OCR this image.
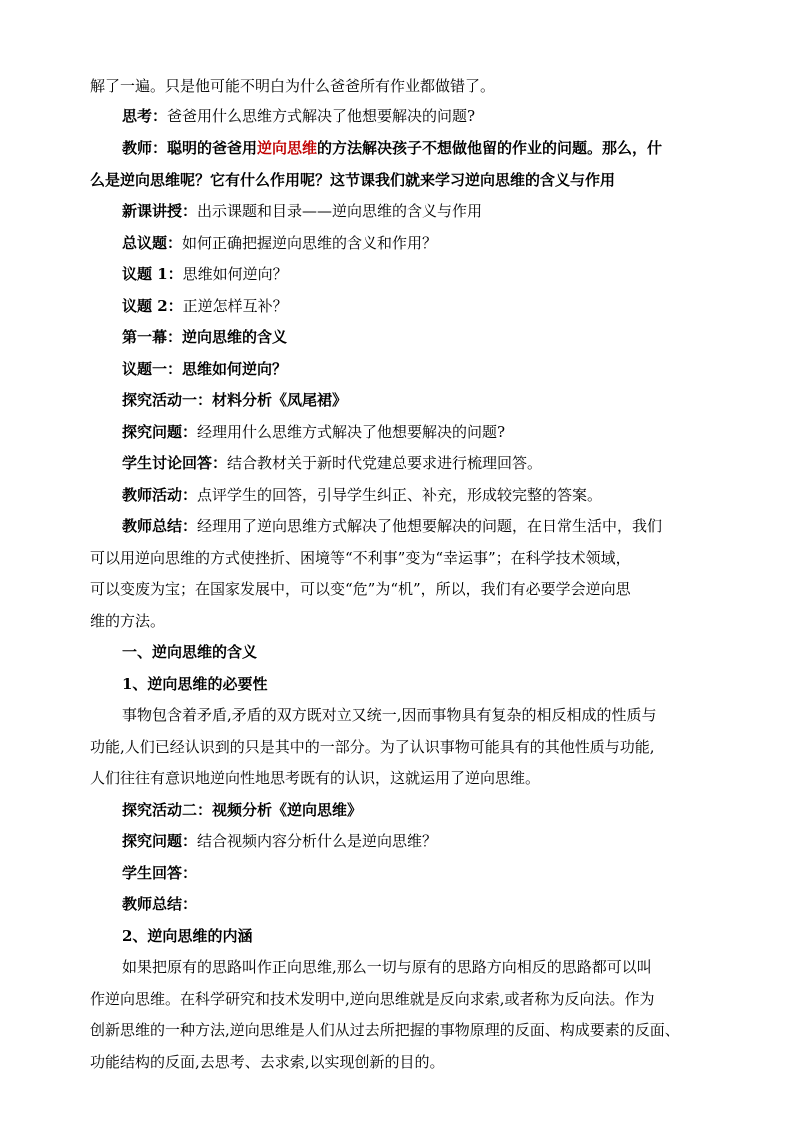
解了一遍。只是他可能不明白为什么爸爸所有作业都做错了。
思考：爸爸用什么思维方式解决了他想要解决的问题?
教师：聪明的爸爸用逆向思维的方法解决孩子不想做他留的作业的问题。那么，什
么是逆向思维呢？它有什么作用呢？这节课我们就来学习逆向思维的含义与作用
新课讲授：出示课题和目录——逆向思维的含义与作用
总议题：如何正确把握逆向思维的含义和作用？
议题 1：思维如何逆向？
议题 2：正逆怎样互补？
第一幕：逆向思维的含义
议题一：思维如何逆向？
探究活动一：材料分析《凤尾裙》
探究问题：经理用什么思维方式解决了他想要解决的问题?
学生讨论回答：结合教材关于新时代党建总要求进行梳理回答。
教师活动：点评学生的回答，引导学生纠正、补充，形成较完整的答案。
教师总结：经理用了逆向思维方式解决了他想要解决的问题，在日常生活中，我们
可以用逆向思维的方式使挫折、困境等“不利事”变为“幸运事”；在科学技术领域，
可以变废为宝；在国家发展中，可以变“危”为“机”，所以，我们有必要学会逆向思
维的方法。
一、逆向思维的含义
1、逆向思维的必要性
事物包含着矛盾,矛盾的双方既对立又统一,因而事物具有复杂的相反相成的性质与
功能,人们已经认识到的只是其中的一部分。为了认识事物可能具有的其他性质与功能,
人们往往有意识地逆向性地思考既有的认识，这就运用了逆向思维。
探究活动二：视频分析《逆向思维》
探究问题：结合视频内容分析什么是逆向思维？
学生回答：
教师总结：
2、逆向思维的内涵
如果把原有的思路叫作正向思维,那么一切与原有的思路方向相反的思路都可以叫
作逆向思维。在科学研究和技术发明中,逆向思维就是反向求索,或者称为反向法。作为
创新思维的一种方法,逆向思维是人们从过去所把握的事物原理的反面、构成要素的反面、
功能结构的反面,去思考、去求索,以实现创新的目的。
